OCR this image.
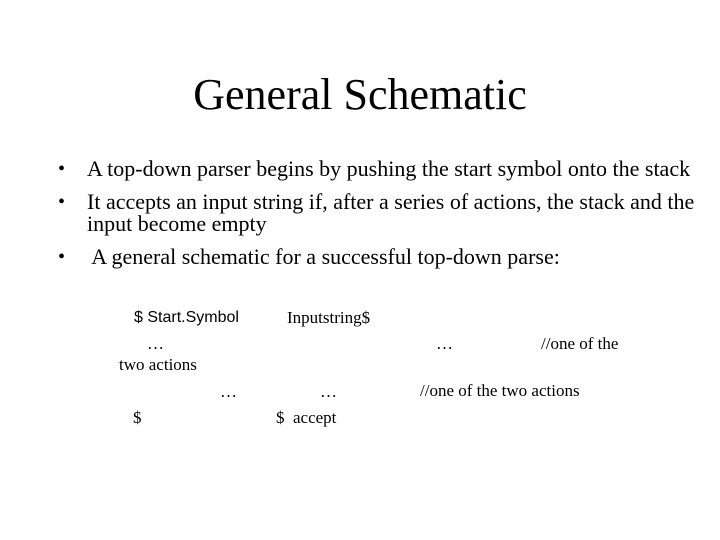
General Schematic
• A top-down parser begins by pushing the start symbol onto the stack
• It accepts an input string if, after a series of actions, the stack and the input become empty
• A general schematic for a successful top-down parse:
$ Start.Symbol	Inputstring$
…	…	//one of the
two actions
…	…	//one of the two actions
$	$  accept
